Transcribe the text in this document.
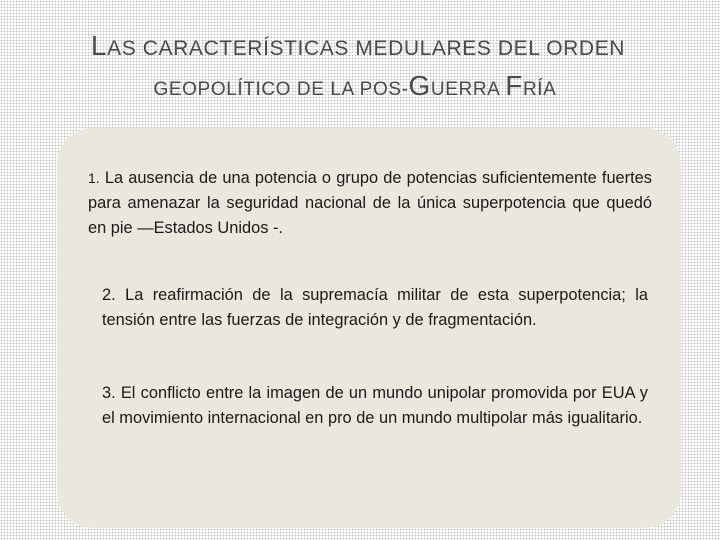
LAS CARACTERÍSTICAS MEDULARES DEL ORDEN
GEOPOLÍTICO DE LA POS-GUERRA FRÍA

1. La ausencia de una potencia o grupo de potencias suficientemente fuertes para amenazar la seguridad nacional de la única superpotencia que quedó en pie —Estados Unidos -.

2. La reafirmación de la supremacía militar de esta superpotencia; la tensión entre las fuerzas de integración y de fragmentación.

3. El conflicto entre la imagen de un mundo unipolar promovida por EUA y el movimiento internacional en pro de un mundo multipolar más igualitario.
